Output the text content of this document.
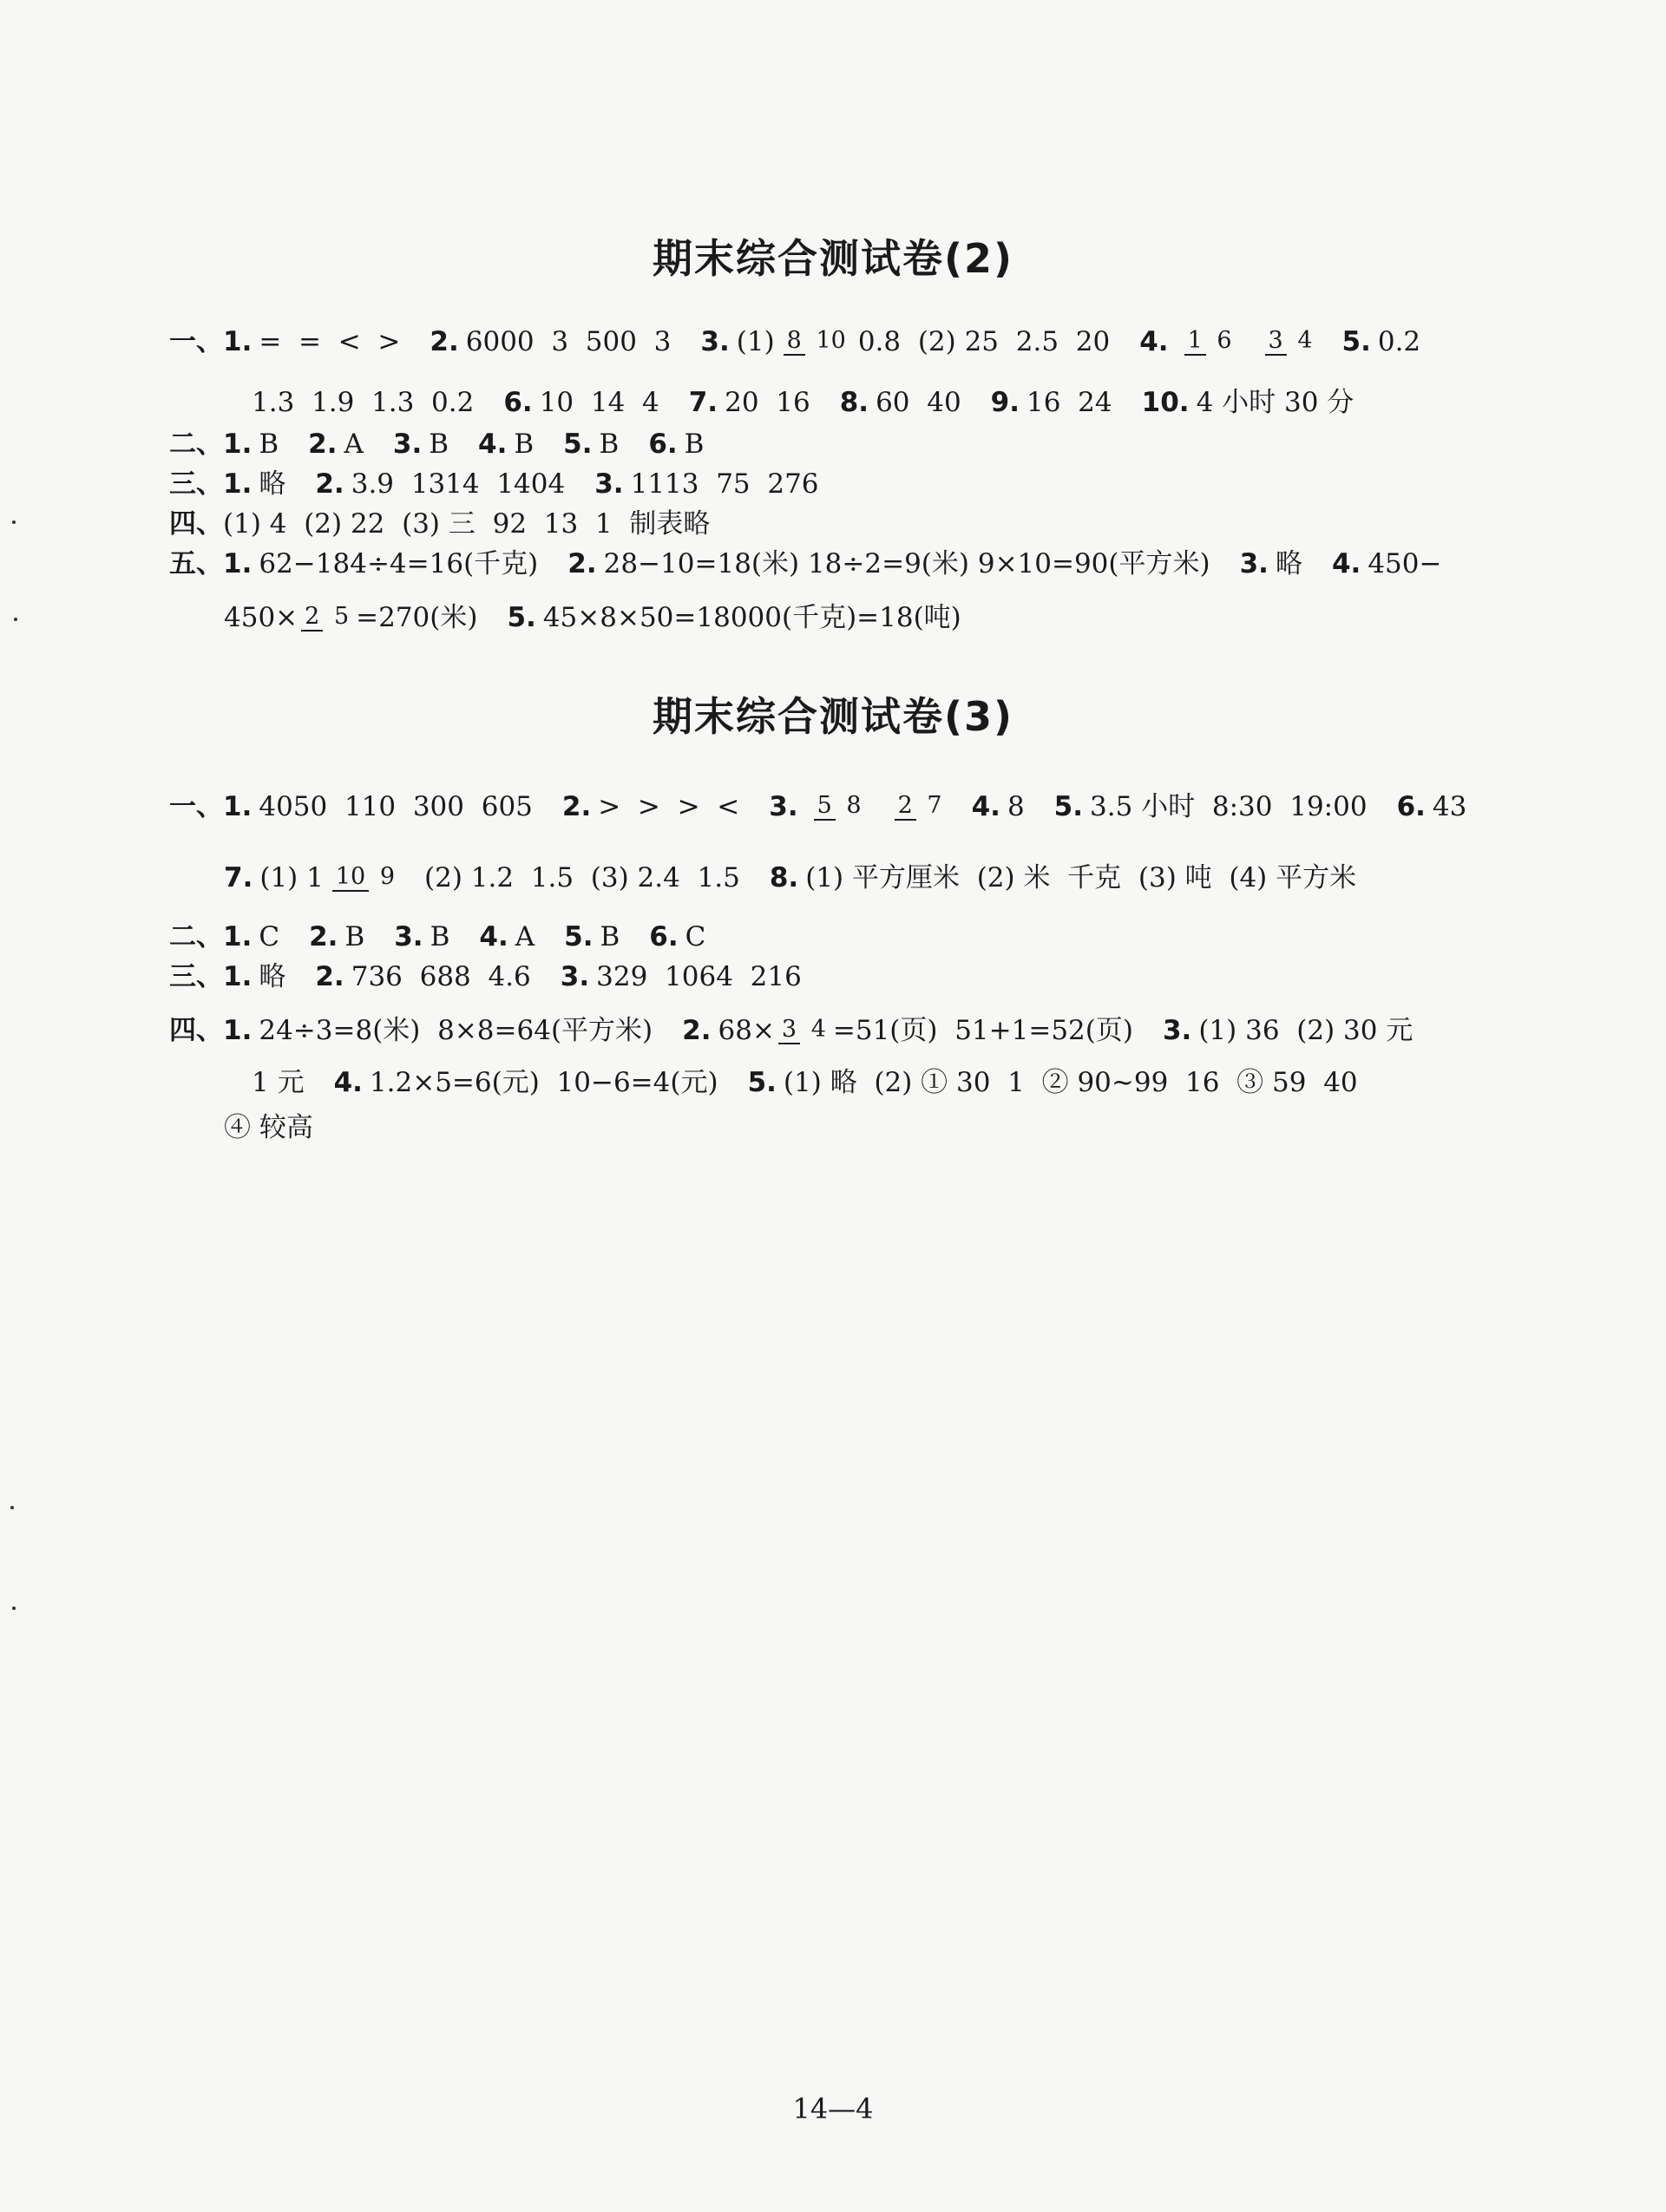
期末综合测试卷(2)
一、 1. =  =  <  > 2. 6000  3  500  3 3. (1) 8 10 0.8  (2) 25  2.5  20 4. 1 6 3 4 5. 0.2
1.3  1.9  1.3  0.2 6. 10  14  4 7. 20  16 8. 60  40 9. 16  24 10. 4 小时 30 分
二、 1. B 2. A 3. B 4. B 5. B 6. B
三、 1. 略 2. 3.9  1314  1404 3. 1113  75  276
四、 (1) 4  (2) 22  (3) 三  92  13  1  制表略
五、 1. 62−184÷4=16(千克) 2. 28−10=18(米) 18÷2=9(米) 9×10=90(平方米) 3. 略 4. 450−
450× 2 5 =270(米) 5. 45×8×50=18000(千克)=18(吨)
期末综合测试卷(3)
一、 1. 4050  110  300  605 2. >  >  >  < 3. 5 8 2 7 4. 8 5. 3.5 小时  8:30  19:00 6. 43
7. (1) 1 10 9 (2) 1.2  1.5  (3) 2.4  1.5 8. (1) 平方厘米  (2) 米  千克  (3) 吨  (4) 平方米
二、 1. C 2. B 3. B 4. A 5. B 6. C
三、 1. 略 2. 736  688  4.6 3. 329  1064  216
四、 1. 24÷3=8(米)  8×8=64(平方米) 2. 68× 3 4 =51(页)  51+1=52(页) 3. (1) 36  (2) 30 元
1 元 4. 1.2×5=6(元)  10−6=4(元) 5. (1) 略  (2) ① 30  1  ② 90~99  16  ③ 59  40
④ 较高
14—4
